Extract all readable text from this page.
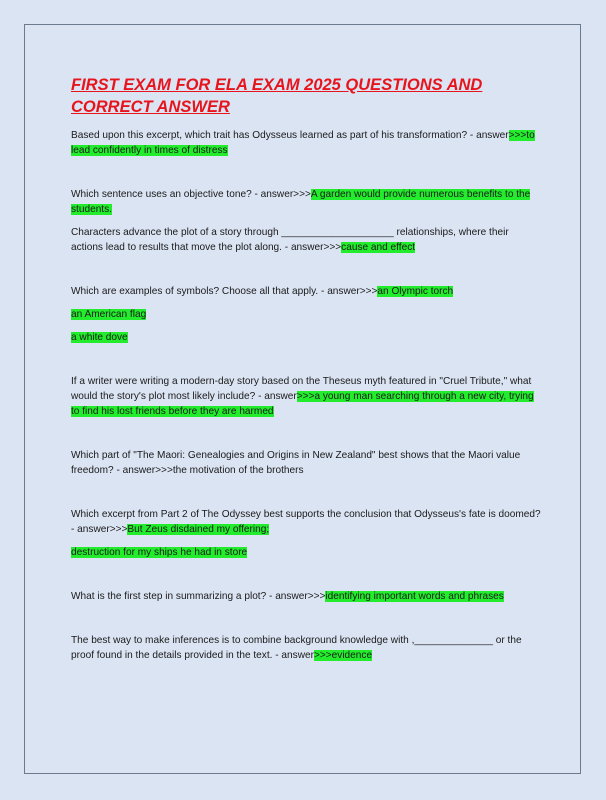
FIRST EXAM FOR ELA EXAM 2025 QUESTIONS AND CORRECT ANSWER
Based upon this excerpt, which trait has Odysseus learned as part of his transformation? - answer>>>to lead confidently in times of distress
Which sentence uses an objective tone? - answer>>>A garden would provide numerous benefits to the students.
Characters advance the plot of a story through ____________________ relationships, where their actions lead to results that move the plot along. - answer>>>cause and effect
Which are examples of symbols? Choose all that apply. - answer>>>an Olympic torch
an American flag
a white dove
If a writer were writing a modern-day story based on the Theseus myth featured in "Cruel Tribute," what would the story's plot most likely include? - answer>>>a young man searching through a new city, trying to find his lost friends before they are harmed
Which part of "The Maori: Genealogies and Origins in New Zealand" best shows that the Maori value freedom? - answer>>>the motivation of the brothers
Which excerpt from Part 2 of The Odyssey best supports the conclusion that Odysseus's fate is doomed? - answer>>>But Zeus disdained my offering;
destruction for my ships he had in store
What is the first step in summarizing a plot? - answer>>>identifying important words and phrases
The best way to make inferences is to combine background knowledge with ,______________ or the proof found in the details provided in the text. - answer>>>evidence
